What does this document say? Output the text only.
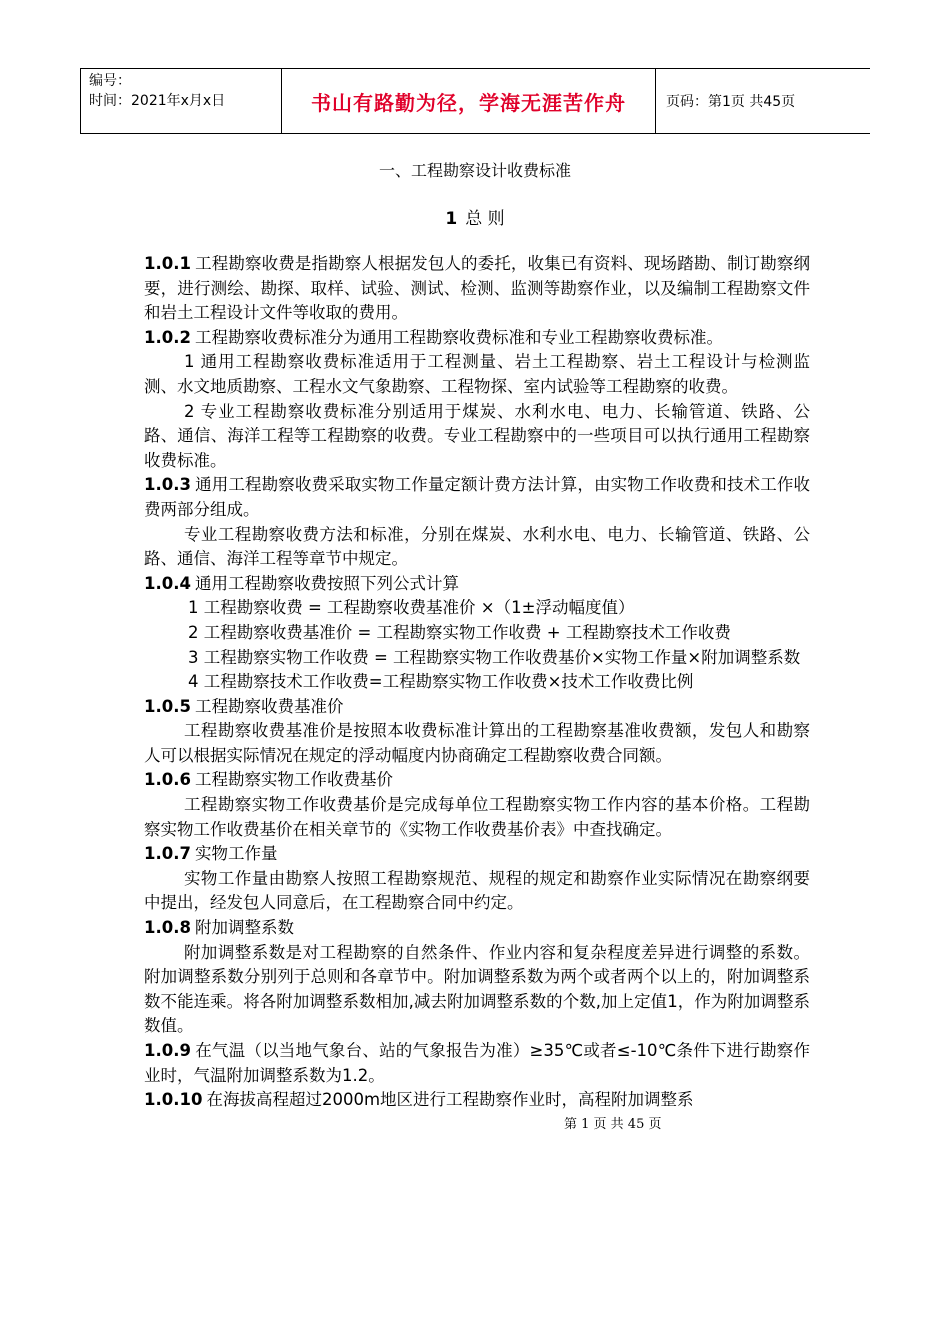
编号：
时间：2021年x月x日	书山有路勤为径，学海无涯苦作舟	页码：第1页 共45页
一、工程勘察设计收费标准
1 总 则

1.0.1 工程勘察收费是指勘察人根据发包人的委托，收集已有资料、现场踏勘、制订勘察纲要，进行测绘、勘探、取样、试验、测试、检测、监测等勘察作业，以及编制工程勘察文件和岩土工程设计文件等收取的费用。

1.0.2 工程勘察收费标准分为通用工程勘察收费标准和专业工程勘察收费标准。

1 通用工程勘察收费标准适用于工程测量、岩土工程勘察、岩土工程设计与检测监测、水文地质勘察、工程水文气象勘察、工程物探、室内试验等工程勘察的收费。

2 专业工程勘察收费标准分别适用于煤炭、水利水电、电力、长输管道、铁路、公路、通信、海洋工程等工程勘察的收费。专业工程勘察中的一些项目可以执行通用工程勘察收费标准。

1.0.3 通用工程勘察收费采取实物工作量定额计费方法计算，由实物工作收费和技术工作收费两部分组成。

专业工程勘察收费方法和标准，分别在煤炭、水利水电、电力、长输管道、铁路、公路、通信、海洋工程等章节中规定。

1.0.4 通用工程勘察收费按照下列公式计算

1 工程勘察收费 = 工程勘察收费基准价 ×（1±浮动幅度值）

2 工程勘察收费基准价 = 工程勘察实物工作收费 + 工程勘察技术工作收费

3 工程勘察实物工作收费 = 工程勘察实物工作收费基价×实物工作量×附加调整系数

4 工程勘察技术工作收费=工程勘察实物工作收费×技术工作收费比例

1.0.5 工程勘察收费基准价

工程勘察收费基准价是按照本收费标准计算出的工程勘察基准收费额，发包人和勘察人可以根据实际情况在规定的浮动幅度内协商确定工程勘察收费合同额。

1.0.6 工程勘察实物工作收费基价

工程勘察实物工作收费基价是完成每单位工程勘察实物工作内容的基本价格。工程勘察实物工作收费基价在相关章节的《实物工作收费基价表》中查找确定。

1.0.7 实物工作量

实物工作量由勘察人按照工程勘察规范、规程的规定和勘察作业实际情况在勘察纲要中提出，经发包人同意后，在工程勘察合同中约定。

1.0.8 附加调整系数

附加调整系数是对工程勘察的自然条件、作业内容和复杂程度差异进行调整的系数。附加调整系数分别列于总则和各章节中。附加调整系数为两个或者两个以上的，附加调整系数不能连乘。将各附加调整系数相加,减去附加调整系数的个数,加上定值1，作为附加调整系数值。

1.0.9 在气温（以当地气象台、站的气象报告为准）≥35℃或者≤-10℃条件下进行勘察作业时，气温附加调整系数为1.2。

1.0.10 在海拔高程超过2000m地区进行工程勘察作业时，高程附加调整系

第 1 页 共 45 页
